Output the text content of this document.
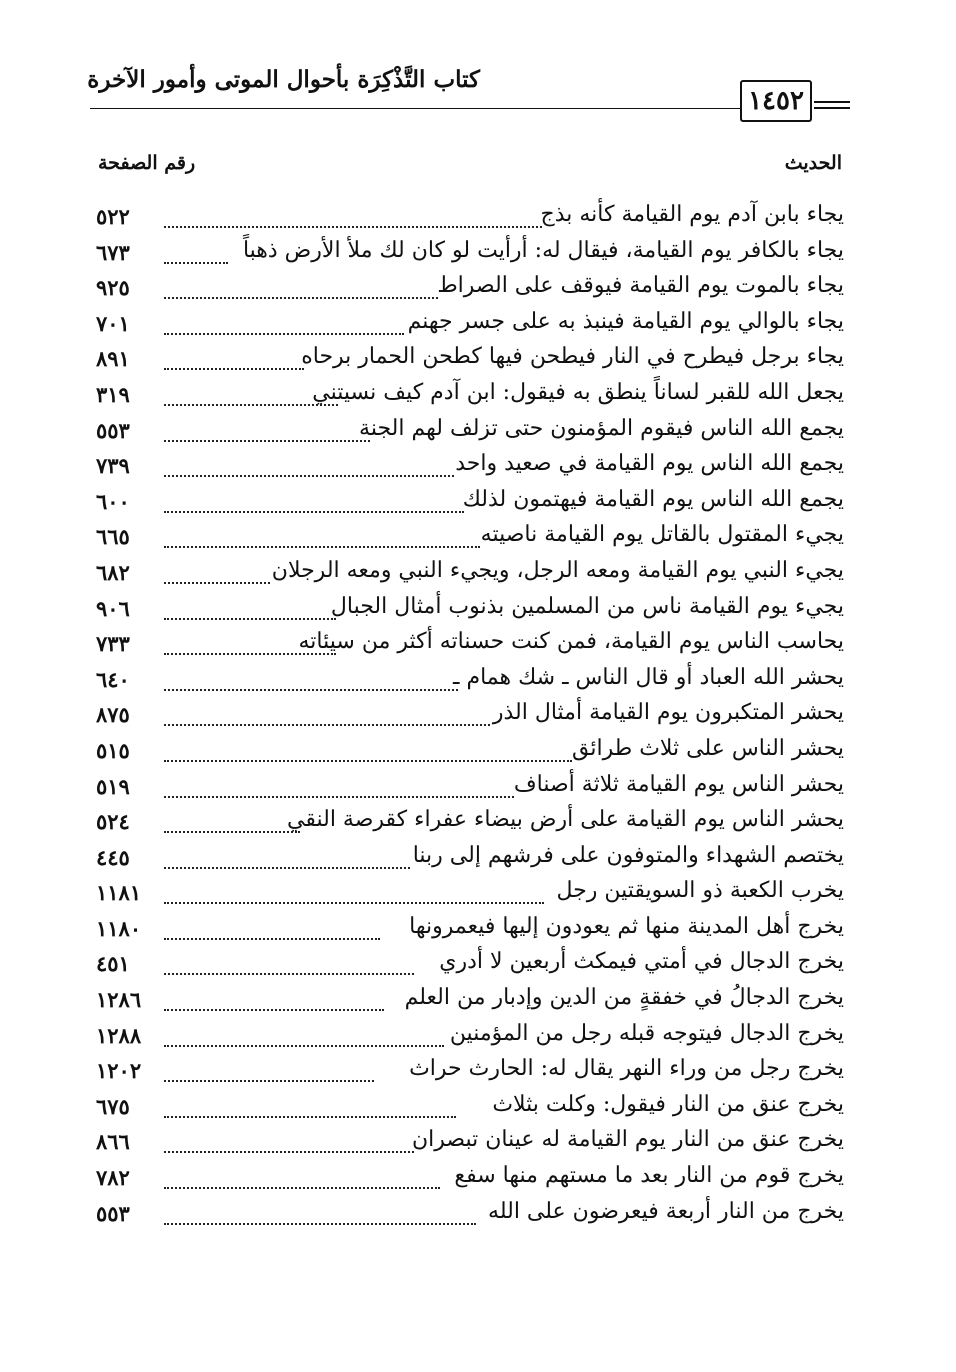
كتاب التَّذْكِرَة بأحوال الموتى وأمور الآخرة
١٤٥٢
الحديث
رقم الصفحة
٥٢٢	يجاء بابن آدم يوم القيامة كأنه بذج
٦٧٣	يجاء بالكافر يوم القيامة، فيقال له: أرأيت لو كان لك ملأ الأرض ذهباً
٩٢٥	يجاء بالموت يوم القيامة فيوقف على الصراط
٧٠١	يجاء بالوالي يوم القيامة فينبذ به على جسر جهنم
٨٩١	يجاء برجل فيطرح في النار فيطحن فيها كطحن الحمار برحاه
٣١٩	يجعل الله للقبر لساناً ينطق به فيقول: ابن آدم كيف نسيتني
٥٥٣	يجمع الله الناس فيقوم المؤمنون حتى تزلف لهم الجنة
٧٣٩	يجمع الله الناس يوم القيامة في صعيد واحد
٦٠٠	يجمع الله الناس يوم القيامة فيهتمون لذلك
٦٦٥	يجيء المقتول بالقاتل يوم القيامة ناصيته
٦٨٢	يجيء النبي يوم القيامة ومعه الرجل، ويجيء النبي ومعه الرجلان
٩٠٦	يجيء يوم القيامة ناس من المسلمين بذنوب أمثال الجبال
٧٣٣	يحاسب الناس يوم القيامة، فمن كنت حسناته أكثر من سيئاته
٦٤٠	يحشر الله العباد أو قال الناس ـ شك همام ـ
٨٧٥	يحشر المتكبرون يوم القيامة أمثال الذر
٥١٥	يحشر الناس على ثلاث طرائق
٥١٩	يحشر الناس يوم القيامة ثلاثة أصناف
٥٢٤	يحشر الناس يوم القيامة على أرض بيضاء عفراء كقرصة النقي
٤٤٥	يختصم الشهداء والمتوفون على فرشهم إلى ربنا
١١٨١	يخرب الكعبة ذو السويقتين رجل
١١٨٠	يخرج أهل المدينة منها ثم يعودون إليها فيعمرونها
٤٥١	يخرج الدجال في أمتي فيمكث أربعين لا أدري
١٢٨٦	يخرج الدجالُ في خفقةٍ من الدين وإدبار من العلم
١٢٨٨	يخرج الدجال فيتوجه قبله رجل من المؤمنين
١٢٠٢	يخرج رجل من وراء النهر يقال له: الحارث حراث
٦٧٥	يخرج عنق من النار فيقول: وكلت بثلاث
٨٦٦	يخرج عنق من النار يوم القيامة له عينان تبصران
٧٨٢	يخرج قوم من النار بعد ما مستهم منها سفع
٥٥٣	يخرج من النار أربعة فيعرضون على الله
